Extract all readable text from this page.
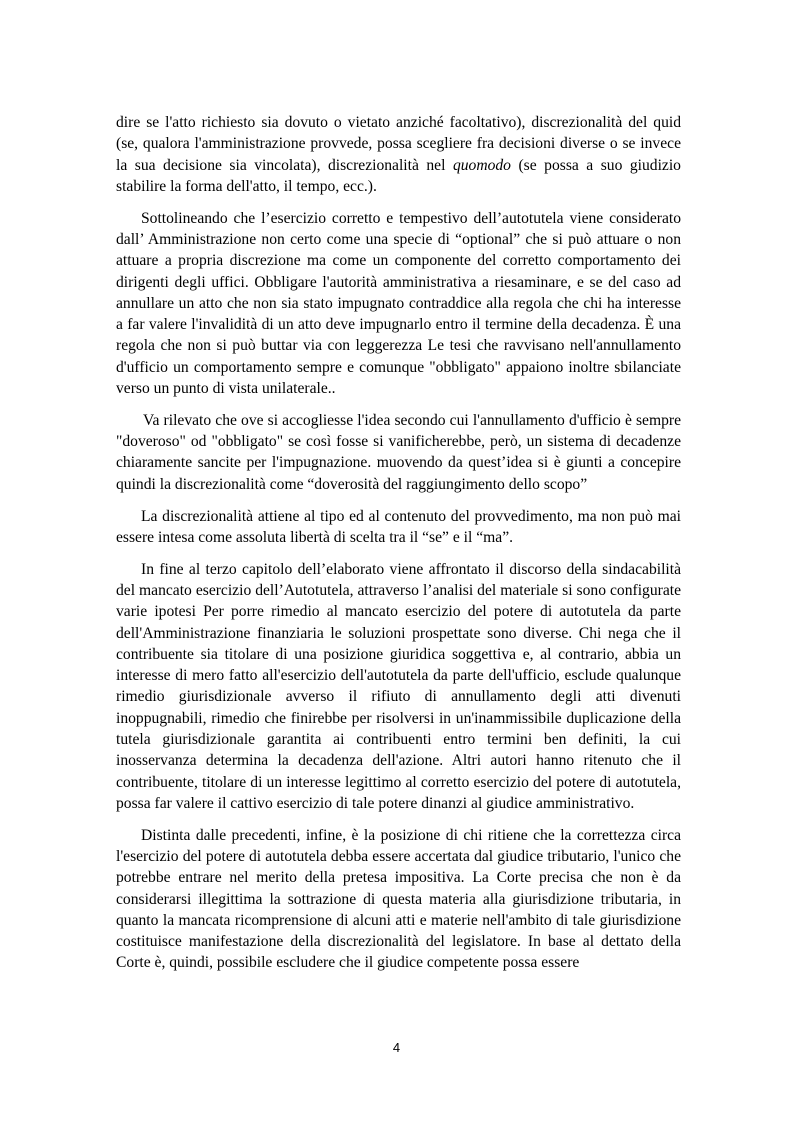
dire se l'atto richiesto sia dovuto o vietato anziché facoltativo), discrezionalità del quid (se, qualora l'amministrazione provvede, possa scegliere fra decisioni diverse o se invece la sua decisione sia vincolata), discrezionalità nel quomodo (se possa a suo giudizio stabilire la forma dell'atto, il tempo, ecc.).

Sottolineando che l’esercizio corretto e tempestivo dell’autotutela viene considerato dall’ Amministrazione non certo come una specie di “optional” che si può attuare o non attuare a propria discrezione ma come un componente del corretto comportamento dei dirigenti degli uffici. Obbligare l'autorità amministrativa a riesaminare, e se del caso ad annullare un atto che non sia stato impugnato contraddice alla regola che chi ha interesse a far valere l'invalidità di un atto deve impugnarlo entro il termine della decadenza. È una regola che non si può buttar via con leggerezza Le tesi che ravvisano nell'annullamento d'ufficio un comportamento sempre e comunque "obbligato" appaiono inoltre sbilanciate verso un punto di vista unilaterale..

Va rilevato che ove si accogliesse l'idea secondo cui l'annullamento d'ufficio è sempre "doveroso" od "obbligato" se così fosse si vanificherebbe, però, un sistema di decadenze chiaramente sancite per l'impugnazione. muovendo da quest’idea si è giunti a concepire quindi la discrezionalità come “doverosità del raggiungimento dello scopo”

La discrezionalità attiene al tipo ed al contenuto del provvedimento, ma non può mai essere intesa come assoluta libertà di scelta tra il “se” e il “ma”.

In fine al terzo capitolo dell’elaborato viene affrontato il discorso della sindacabilità del mancato esercizio dell’Autotutela, attraverso l’analisi del materiale si sono configurate varie ipotesi Per porre rimedio al mancato esercizio del potere di autotutela da parte dell'Amministrazione finanziaria le soluzioni prospettate sono diverse. Chi nega che il contribuente sia titolare di una posizione giuridica soggettiva e, al contrario, abbia un interesse di mero fatto all'esercizio dell'autotutela da parte dell'ufficio, esclude qualunque rimedio giurisdizionale avverso il rifiuto di annullamento degli atti divenuti inoppugnabili, rimedio che finirebbe per risolversi in un'inammissibile duplicazione della tutela giurisdizionale garantita ai contribuenti entro termini ben definiti, la cui inosservanza determina la decadenza dell'azione. Altri autori hanno ritenuto che il contribuente, titolare di un interesse legittimo al corretto esercizio del potere di autotutela, possa far valere il cattivo esercizio di tale potere dinanzi al giudice amministrativo.

Distinta dalle precedenti, infine, è la posizione di chi ritiene che la correttezza circa l'esercizio del potere di autotutela debba essere accertata dal giudice tributario, l'unico che potrebbe entrare nel merito della pretesa impositiva. La Corte precisa che non è da considerarsi illegittima la sottrazione di questa materia alla giurisdizione tributaria, in quanto la mancata ricomprensione di alcuni atti e materie nell'ambito di tale giurisdizione costituisce manifestazione della discrezionalità del legislatore. In base al dettato della Corte è, quindi, possibile escludere che il giudice competente possa essere

4
